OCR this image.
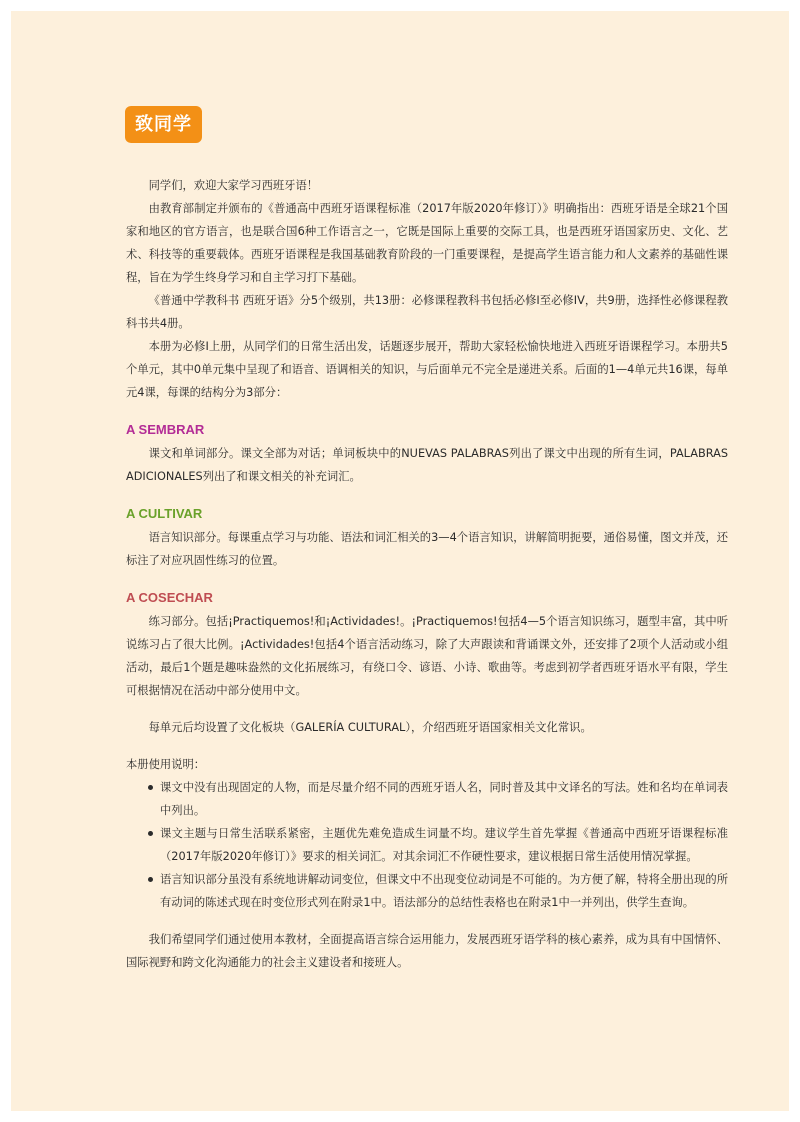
致同学

同学们，欢迎大家学习西班牙语！

由教育部制定并颁布的《普通高中西班牙语课程标准（2017年版2020年修订）》明确指出：西班牙语是全球21个国家和地区的官方语言，也是联合国6种工作语言之一，它既是国际上重要的交际工具，也是西班牙语国家历史、文化、艺术、科技等的重要载体。西班牙语课程是我国基础教育阶段的一门重要课程，是提高学生语言能力和人文素养的基础性课程，旨在为学生终身学习和自主学习打下基础。

《普通中学教科书 西班牙语》分5个级别，共13册：必修课程教科书包括必修I至必修IV，共9册，选择性必修课程教科书共4册。

本册为必修I上册，从同学们的日常生活出发，话题逐步展开，帮助大家轻松愉快地进入西班牙语课程学习。本册共5个单元，其中0单元集中呈现了和语音、语调相关的知识，与后面单元不完全是递进关系。后面的1—4单元共16课，每单元4课，每课的结构分为3部分：

A SEMBRAR

课文和单词部分。课文全部为对话；单词板块中的NUEVAS PALABRAS列出了课文中出现的所有生词，PALABRAS ADICIONALES列出了和课文相关的补充词汇。

A CULTIVAR

语言知识部分。每课重点学习与功能、语法和词汇相关的3—4个语言知识，讲解简明扼要，通俗易懂，图文并茂，还标注了对应巩固性练习的位置。

A COSECHAR

练习部分。包括¡Practiquemos!和¡Actividades!。¡Practiquemos!包括4—5个语言知识练习，题型丰富，其中听说练习占了很大比例。¡Actividades!包括4个语言活动练习，除了大声跟读和背诵课文外，还安排了2项个人活动或小组活动，最后1个题是趣味盎然的文化拓展练习，有绕口令、谚语、小诗、歌曲等。考虑到初学者西班牙语水平有限，学生可根据情况在活动中部分使用中文。

每单元后均设置了文化板块（GALERÍA CULTURAL），介绍西班牙语国家相关文化常识。

本册使用说明：
课文中没有出现固定的人物，而是尽量介绍不同的西班牙语人名，同时普及其中文译名的写法。姓和名均在单词表中列出。
课文主题与日常生活联系紧密，主题优先难免造成生词量不均。建议学生首先掌握《普通高中西班牙语课程标准（2017年版2020年修订）》要求的相关词汇。对其余词汇不作硬性要求，建议根据日常生活使用情况掌握。
语言知识部分虽没有系统地讲解动词变位，但课文中不出现变位动词是不可能的。为方便了解，特将全册出现的所有动词的陈述式现在时变位形式列在附录1中。语法部分的总结性表格也在附录1中一并列出，供学生查询。

我们希望同学们通过使用本教材，全面提高语言综合运用能力，发展西班牙语学科的核心素养，成为具有中国情怀、国际视野和跨文化沟通能力的社会主义建设者和接班人。
